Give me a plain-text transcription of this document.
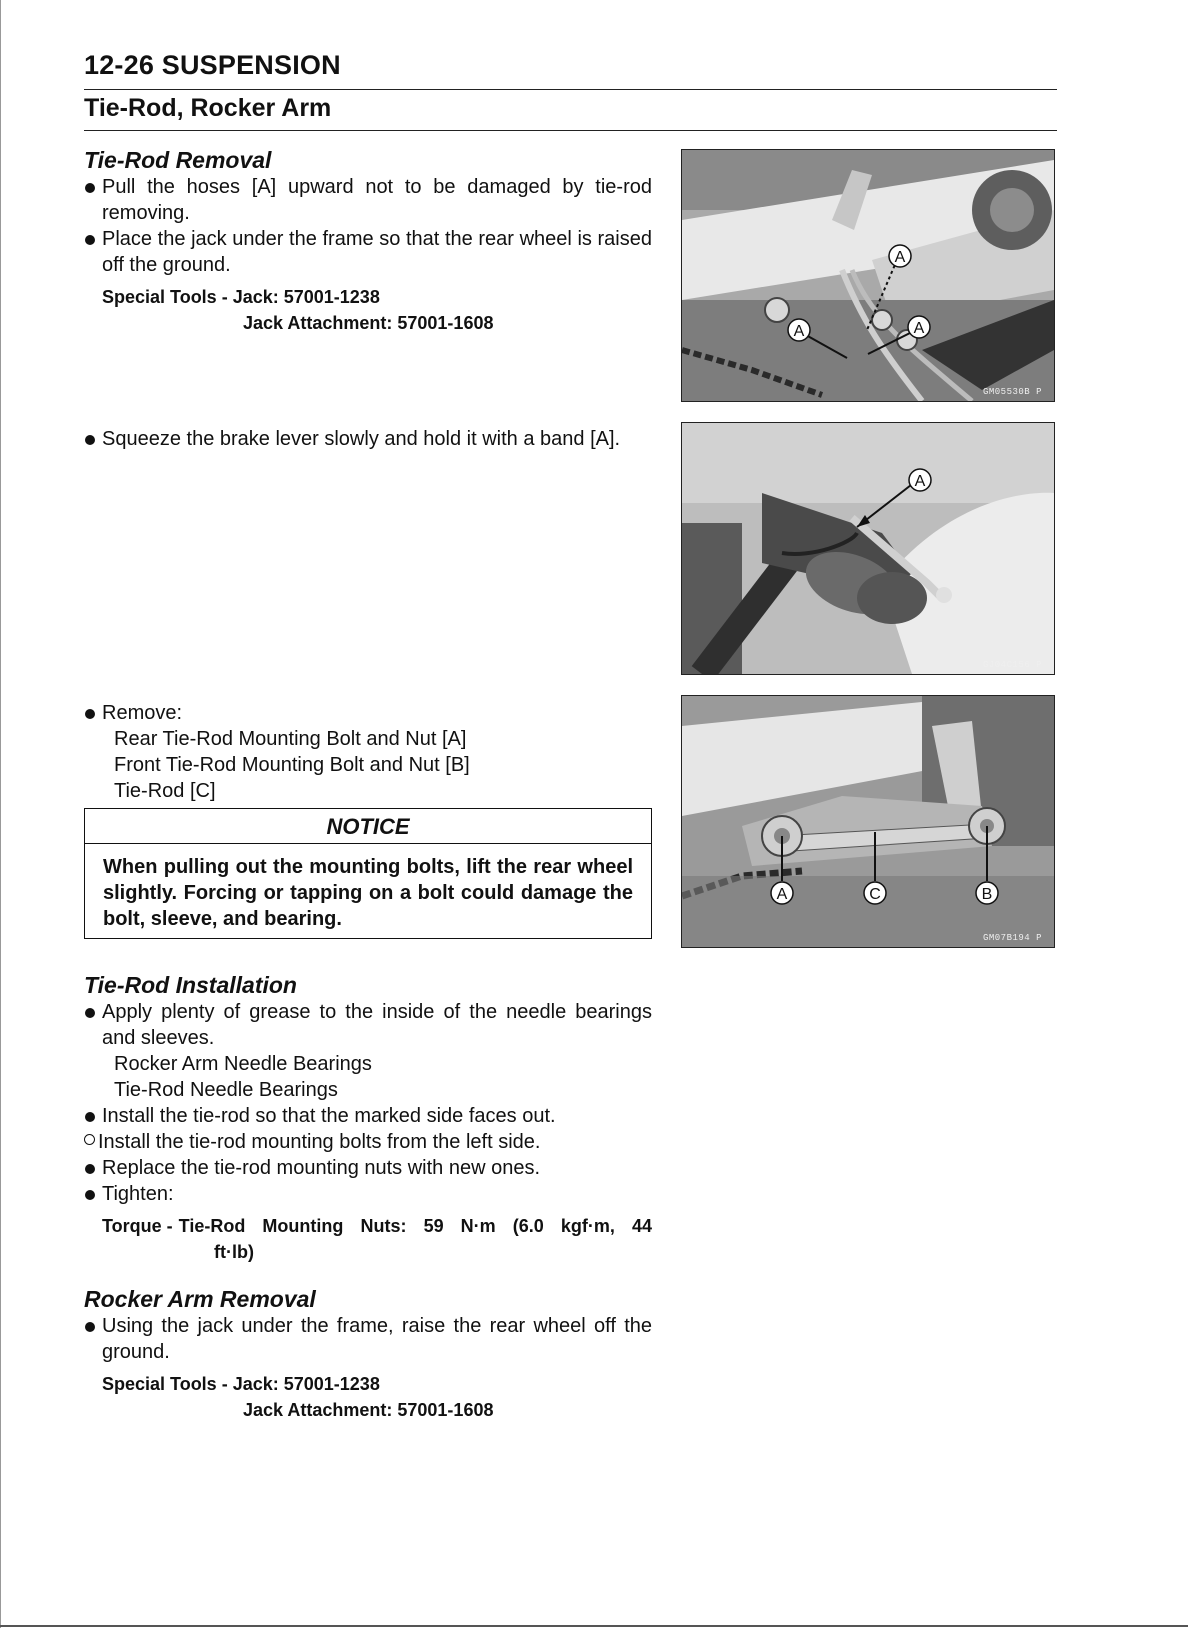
12-26 SUSPENSION
Tie-Rod, Rocker Arm
Tie-Rod Removal
Pull the hoses [A] upward not to be damaged by tie-rod removing.
Place the jack under the frame so that the rear wheel is raised off the ground.
Special Tools - Jack: 57001-1238
Jack Attachment: 57001-1608
Squeeze the brake lever slowly and hold it with a band [A].
Remove:
Rear Tie-Rod Mounting Bolt and Nut [A]
Front Tie-Rod Mounting Bolt and Nut [B]
Tie-Rod [C]
NOTICE
When pulling out the mounting bolts, lift the rear wheel slightly. Forcing or tapping on a bolt could damage the bolt, sleeve, and bearing.
Tie-Rod Installation
Apply plenty of grease to the inside of the needle bearings and sleeves.
Rocker Arm Needle Bearings
Tie-Rod Needle Bearings
Install the tie-rod so that the marked side faces out.
Install the tie-rod mounting bolts from the left side.
Replace the tie-rod mounting nuts with new ones.
Tighten:
Torque - Tie-Rod Mounting Nuts: 59 N·m (6.0 kgf·m, 44
ft·lb)
Rocker Arm Removal
Using the jack under the frame, raise the rear wheel off the ground.
Special Tools - Jack: 57001-1238
Jack Attachment: 57001-1608
A
A	A
GM05530B P
A
GJ04C156 P
A	C	B
GM07B194 P
